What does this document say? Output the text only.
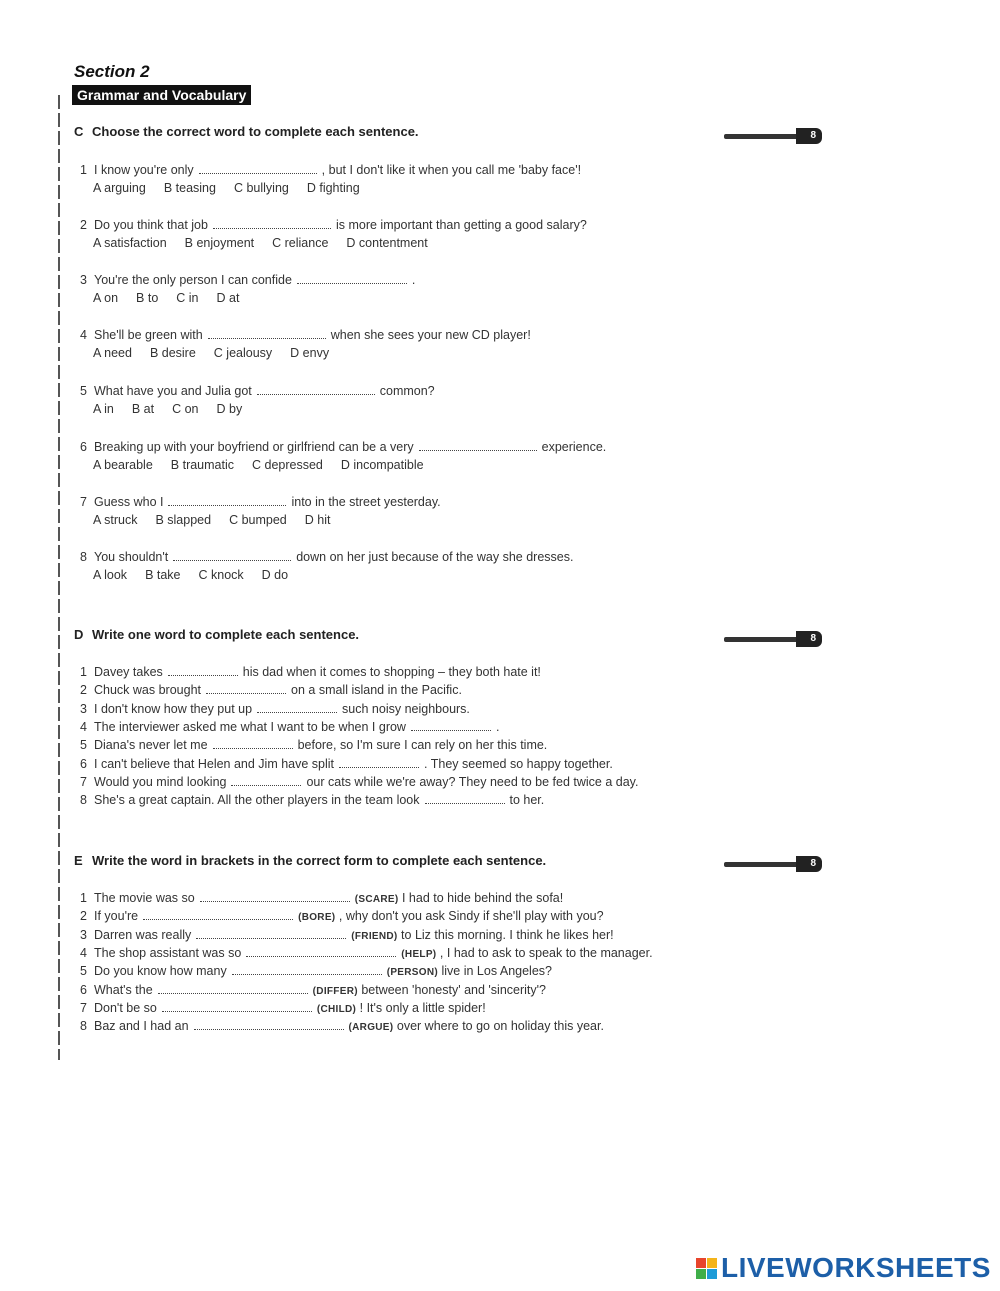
Section 2
Grammar and Vocabulary
C Choose the correct word to complete each sentence.	8
D Write one word to complete each sentence.	8
E Write the word in brackets in the correct form to complete each sentence.	8
LIVEWORKSHEETS
1 I know you're only	, but I don't like it when you call me 'baby face'!
A arguing B teasing C bullying D fighting
2 Do you think that job	is more important than getting a good salary?
A satisfaction B enjoyment C reliance D contentment
3 You're the only person I can confide	.
A on B to C in D at
4 She'll be green with	when she sees your new CD player!
A need B desire C jealousy D envy
5 What have you and Julia got	common?
A in B at C on D by
6 Breaking up with your boyfriend or girlfriend can be a very	experience.
A bearable B traumatic C depressed D incompatible
7 Guess who I	into in the street yesterday.
A struck B slapped C bumped D hit
8 You shouldn't	down on her just because of the way she dresses.
A look B take C knock D do
1 Davey takes	his dad when it comes to shopping – they both hate it!
2 Chuck was brought	on a small island in the Pacific.
3 I don't know how they put up	such noisy neighbours.
4 The interviewer asked me what I want to be when I grow	.
5 Diana's never let me	before, so I'm sure I can rely on her this time.
6 I can't believe that Helen and Jim have split	. They seemed so happy together.
7 Would you mind looking	our cats while we're away? They need to be fed twice a day.
8 She's a great captain. All the other players in the team look	to her.
1 The movie was so	(SCARE) I had to hide behind the sofa!
2 If you're	(BORE) , why don't you ask Sindy if she'll play with you?
3 Darren was really	(FRIEND) to Liz this morning. I think he likes her!
4 The shop assistant was so	(HELP) , I had to ask to speak to the manager.
5 Do you know how many	(PERSON) live in Los Angeles?
6 What's the	(DIFFER) between 'honesty' and 'sincerity'?
7 Don't be so	(CHILD) ! It's only a little spider!
8 Baz and I had an	(ARGUE) over where to go on holiday this year.
